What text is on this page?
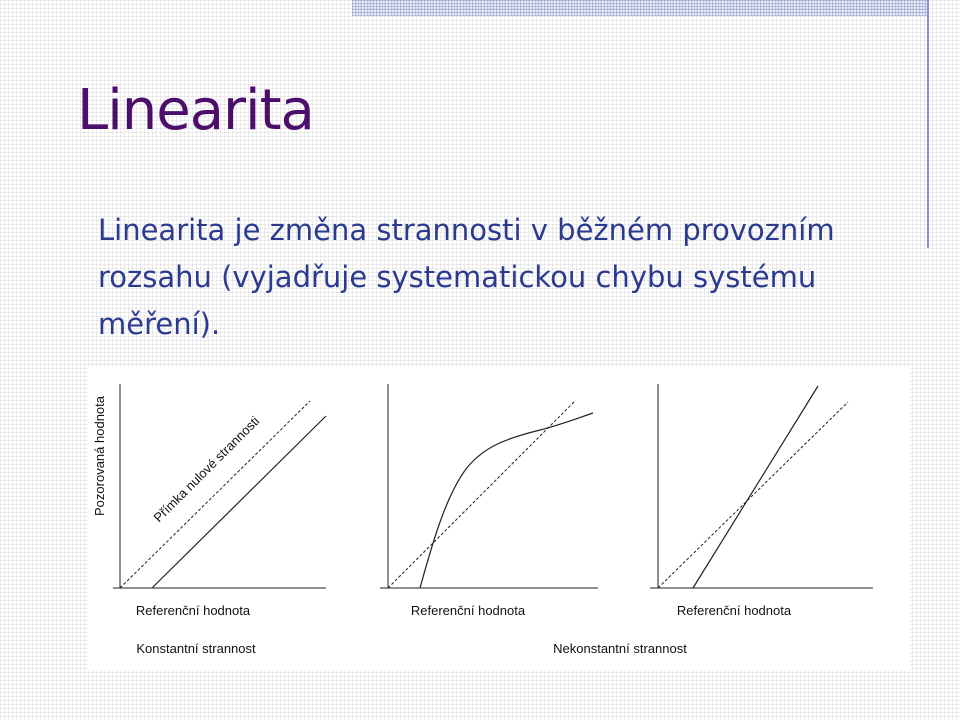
Linearita

Linearita je změna strannosti v běžném provozním rozsahu (vyjadřuje systematickou chybu systému měření).

Pozorovaná hodnota	Přímka nulové strannosti
Referenční hodnota	Referenční hodnota	Referenční hodnota
Konstantní strannost	Nekonstantní strannost
